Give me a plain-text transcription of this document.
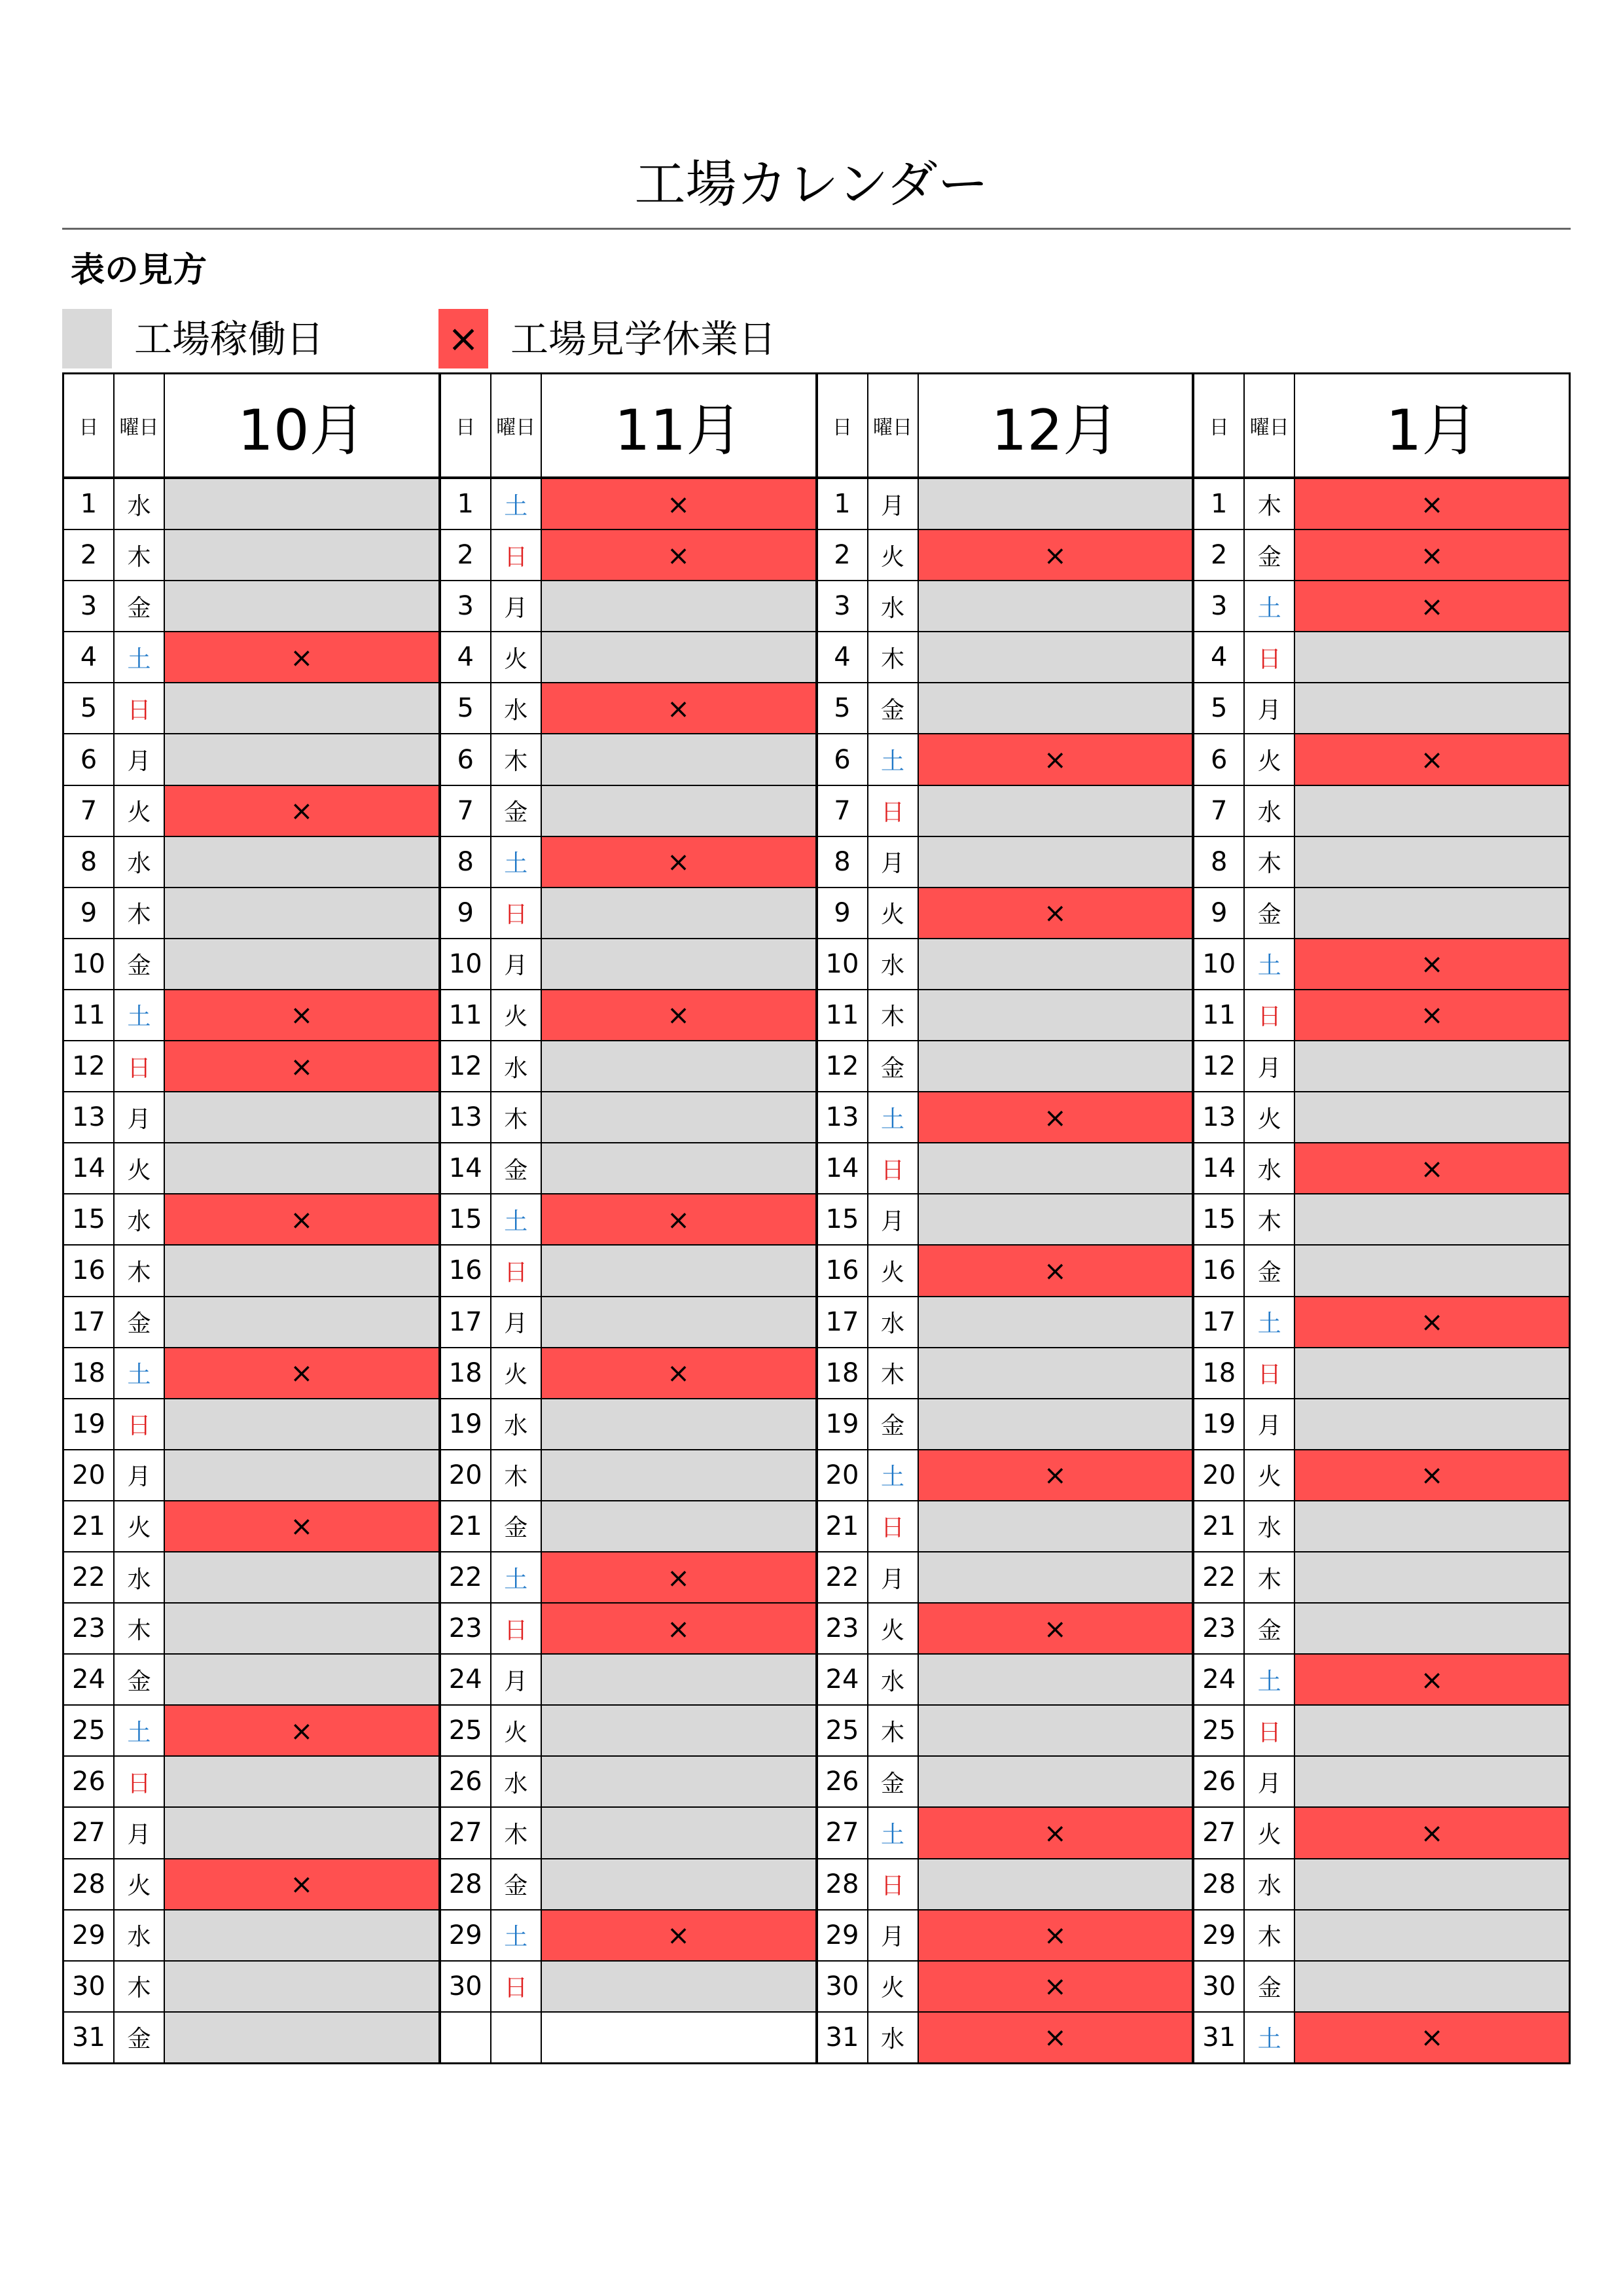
工場カレンダー
表の見方
工場稼働日	× 工場見学休業日
日	曜日	10月
1	水
2	木
3	金
4	土	×
5	日
6	月
7	火	×
8	水
9	木
10 金
11 土	×
12 日	×
13 月
14 火
15 水	×
16 木
17 金
18 土	×
19 日
20 月
21 火	×
22 水
23 木
24 金
25 土	×
26 日
27 月
28 火	×
29 水
30 木
31 金
日	曜日	11月
1	土	×
2	日	×
3	月
4	火
5	水	×
6	木
7	金
8	土	×
9	日
10 月
11 火	×
12 水
13 木
14 金
15 土	×
16 日
17 月
18 火	×
19 水
20 木
21 金
22 土	×
23 日	×
24 月
25 火
26 水
27 木
28 金
29 土	×
30 日
日	曜日	12月
1	月
2	火	×
3	水
4	木
5	金
6	土	×
7	日
8	月
9	火	×
10 水
11 木
12 金
13 土	×
14 日
15 月
16 火	×
17 水
18 木
19 金
20 土	×
21 日
22 月
23 火	×
24 水
25 木
26 金
27 土	×
28 日
29 月	×
30 火	×
31 水	×
日	曜日	1月
1	木	×
2	金	×
3	土	×
4	日
5	月
6	火	×
7	水
8	木
9	金
10 土	×
11 日	×
12 月
13 火
14 水	×
15 木
16 金
17 土	×
18 日
19 月
20 火	×
21 水
22 木
23 金
24 土	×
25 日
26 月
27 火	×
28 水
29 木
30 金
31 土	×
